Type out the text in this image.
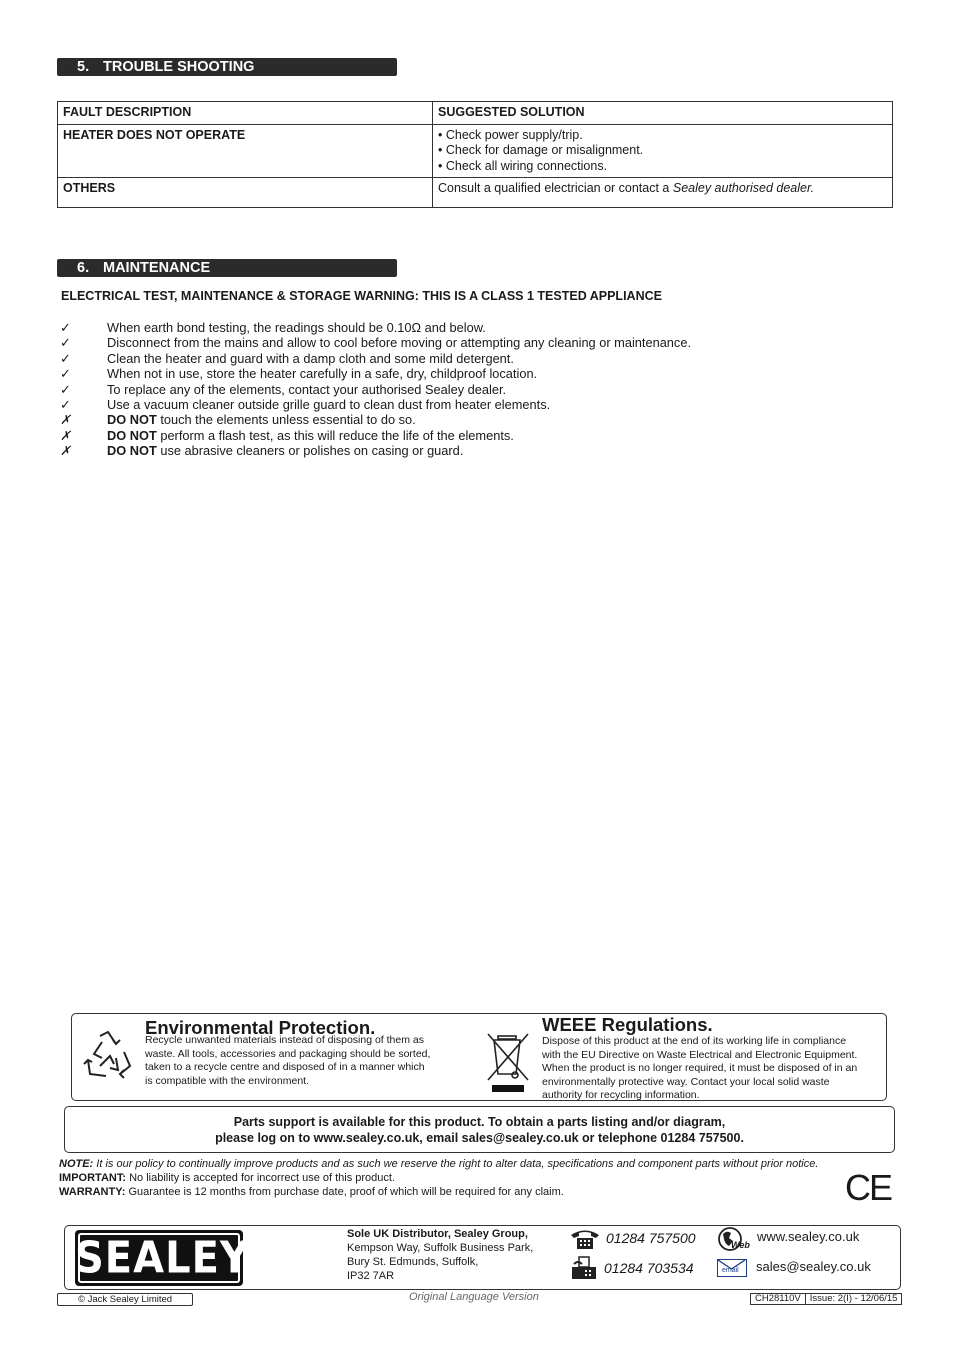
5. TROUBLE SHOOTING
FAULT DESCRIPTION	SUGGESTED SOLUTION
HEATER DOES NOT OPERATE	• Check power supply/trip.
• Check for damage or misalignment.
• Check all wiring connections.

OTHERS	Consult a qualified electrician or contact a Sealey authorised dealer.
6. MAINTENANCE
ELECTRICAL TEST, MAINTENANCE & STORAGE WARNING: THIS IS A CLASS 1 TESTED APPLIANCE
✓	When earth bond testing, the readings should be 0.10Ω and below.
✓	Disconnect from the mains and allow to cool before moving or attempting any cleaning or maintenance.
✓	Clean the heater and guard with a damp cloth and some mild detergent.
✓	When not in use, store the heater carefully in a safe, dry, childproof location.
✓	To replace any of the elements, contact your authorised Sealey dealer.
✓	Use a vacuum cleaner outside grille guard to clean dust from heater elements.
✗	DO NOT touch the elements unless essential to do so.
✗	DO NOT perform a flash test, as this will reduce the life of the elements.
✗	DO NOT use abrasive cleaners or polishes on casing or guard.
Environmental Protection.
Recycle unwanted materials instead of disposing of them as
waste. All tools, accessories and packaging should be sorted,
taken to a recycle centre and disposed of in a manner which
is compatible with the environment.
WEEE Regulations.
Dispose of this product at the end of its working life in compliance
with the EU Directive on Waste Electrical and Electronic Equipment.
When the product is no longer required, it must be disposed of in an
environmentally protective way. Contact your local solid waste
authority for recycling information.
Parts support is available for this product. To obtain a parts listing and/or diagram,
please log on to www.sealey.co.uk, email sales@sealey.co.uk or telephone 01284 757500.
NOTE: It is our policy to continually improve products and as such we reserve the right to alter data, specifications and component parts without prior notice.
IMPORTANT: No liability is accepted for incorrect use of this product.
WARRANTY: Guarantee is 12 months from purchase date, proof of which will be required for any claim.	CE
SEALEY	Sole UK Distributor, Sealey Group,
Kempson Way, Suffolk Business Park,
Bury St. Edmunds, Suffolk,
IP32 7AR
01284 757500
01284 703534
Web
www.sealey.co.uk
email sales@sealey.co.uk
© Jack Sealey Limited	Original Language Version	CH28110V Issue: 2(I) - 12/06/15
